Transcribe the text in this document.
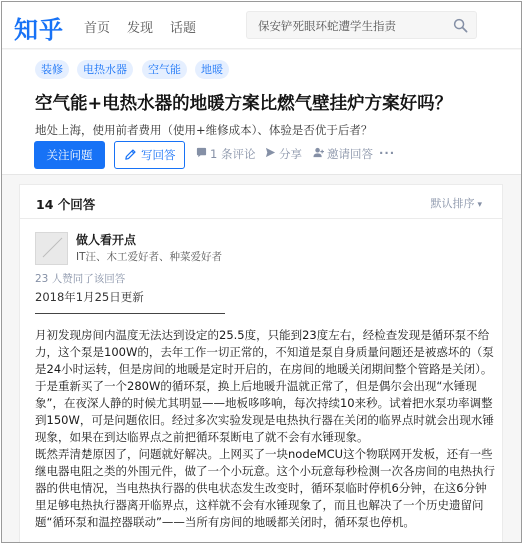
知乎 首页 发现 话题	保安铲死眼环蛇遭学生指责
装修	电热水器	空气能	地暖
空气能+电热水器的地暖方案比燃气壁挂炉方案好吗？
地处上海，使用前者费用（使用+维修成本）、体验是否优于后者？
关注问题	写回答	1 条评论	分享	邀请回答 ···
14 个回答	默认排序 ▾
做人看开点
IT汪、木工爱好者、种菜爱好者
23 人赞同了该回答
2018年1月25日更新

月初发现房间内温度无法达到设定的25.5度，只能到23度左右，经检查发现是循环泵不给力，这个泵是100W的，去年工作一切正常的，不知道是泵自身质量问题还是被惑坏的（泵是24小时运转，但是房间的地暖是定时开启的，在房间的地暖关闭期间整个管路是关闭）。于是重新买了一个280W的循环泵，换上后地暖升温就正常了，但是偶尔会出现“水锤现象”，在夜深人静的时候尤其明显——地板哆哆响，每次持续10来秒。试着把水泵功率调整到150W，可是问题依旧。经过多次实验发现是电热执行器在关闭的临界点时就会出现水锤现象，如果在到达临界点之前把循环泵断电了就不会有水锤现象。

既然弄清楚原因了，问题就好解决。上网买了一块nodeMCU这个物联网开发板，还有一些继电器电阻之类的外围元件，做了一个小玩意。这个小玩意每秒检测一次各房间的电热执行器的供电情况，当电热执行器的供电状态发生改变时，循环泵临时停机6分钟，在这6分钟里足够电热执行器离开临界点，这样就不会有水锤现象了，而且也解决了一个历史遗留问题“循环泵和温控器联动”——当所有房间的地暖都关闭时，循环泵也停机。
